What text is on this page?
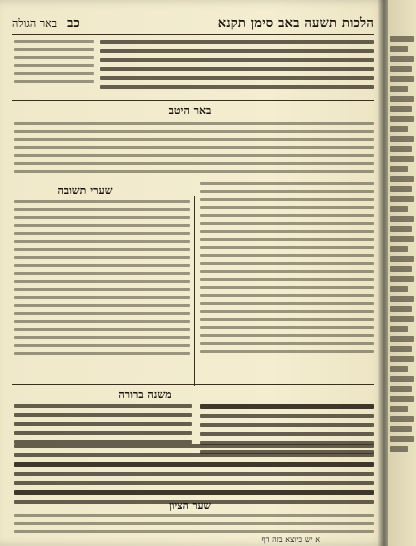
הלכות תשעה באב סימן תקנא
כב
באר הגולה
באר היטב
שערי תשובה
משנה ברורה
שער הציון
א יש כיוצא בזה דף
